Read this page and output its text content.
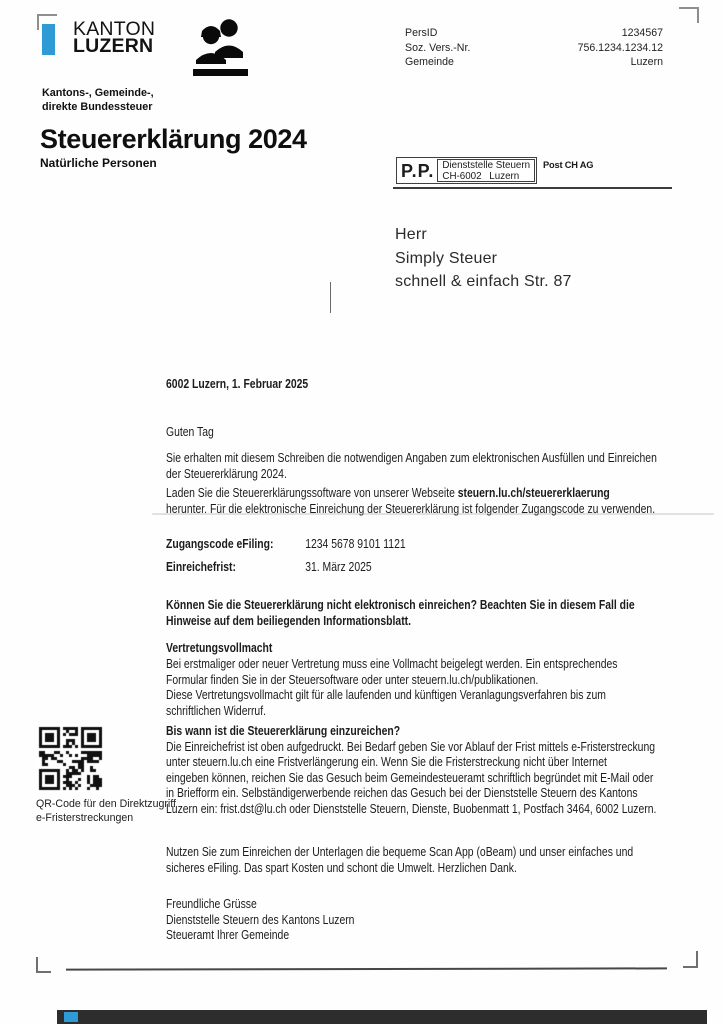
KANTON
LUZERN
Kantons-, Gemeinde-,
direkte Bundessteuer
PersID	1234567
Soz. Vers.-Nr.	756.1234.1234.12
Gemeinde	Luzern
Steuererklärung 2024
Natürliche Personen	P.P. Dienststelle Steuern
CH-6002 Luzern
Post CH AG
Herr
Simply Steuer
schnell & einfach Str. 87
6002 Luzern, 1. Februar 2025
Guten Tag
Sie erhalten mit diesem Schreiben die notwendigen Angaben zum elektronischen Ausfüllen und Einreichen
der Steuererklärung 2024.
Laden Sie die Steuererklärungssoftware von unserer Webseite steuern.lu.ch/steuererklaerung
herunter. Für die elektronische Einreichung der Steuererklärung ist folgender Zugangscode zu verwenden.
Zugangscode eFiling:	1234 5678 9101 1121
Einreichefrist:	31. März 2025
Können Sie die Steuererklärung nicht elektronisch einreichen? Beachten Sie in diesem Fall die
Hinweise auf dem beiliegenden Informationsblatt.
Vertretungsvollmacht
Bei erstmaliger oder neuer Vertretung muss eine Vollmacht beigelegt werden. Ein entsprechendes
Formular finden Sie in der Steuersoftware oder unter steuern.lu.ch/publikationen.
Diese Vertretungsvollmacht gilt für alle laufenden und künftigen Veranlagungsverfahren bis zum
schriftlichen Widerruf.
Bis wann ist die Steuererklärung einzureichen?
Die Einreichefrist ist oben aufgedruckt. Bei Bedarf geben Sie vor Ablauf der Frist mittels e-Fristerstreckung
unter steuern.lu.ch eine Fristverlängerung ein. Wenn Sie die Fristerstreckung nicht über Internet
eingeben können, reichen Sie das Gesuch beim Gemeindesteueramt schriftlich begründet mit E-Mail oder
in Briefform ein. Selbständigerwerbende reichen das Gesuch bei der Dienststelle Steuern des Kantons
Luzern ein: frist.dst@lu.ch oder Dienststelle Steuern, Dienste, Buobenmatt 1, Postfach 3464, 6002 Luzern.
Nutzen Sie zum Einreichen der Unterlagen die bequeme Scan App (oBeam) und unser einfaches und
sicheres eFiling. Das spart Kosten und schont die Umwelt. Herzlichen Dank.
Freundliche Grüsse
Dienststelle Steuern des Kantons Luzern
Steueramt Ihrer Gemeinde
QR-Code für den Direktzugriff
e-Fristerstreckungen
